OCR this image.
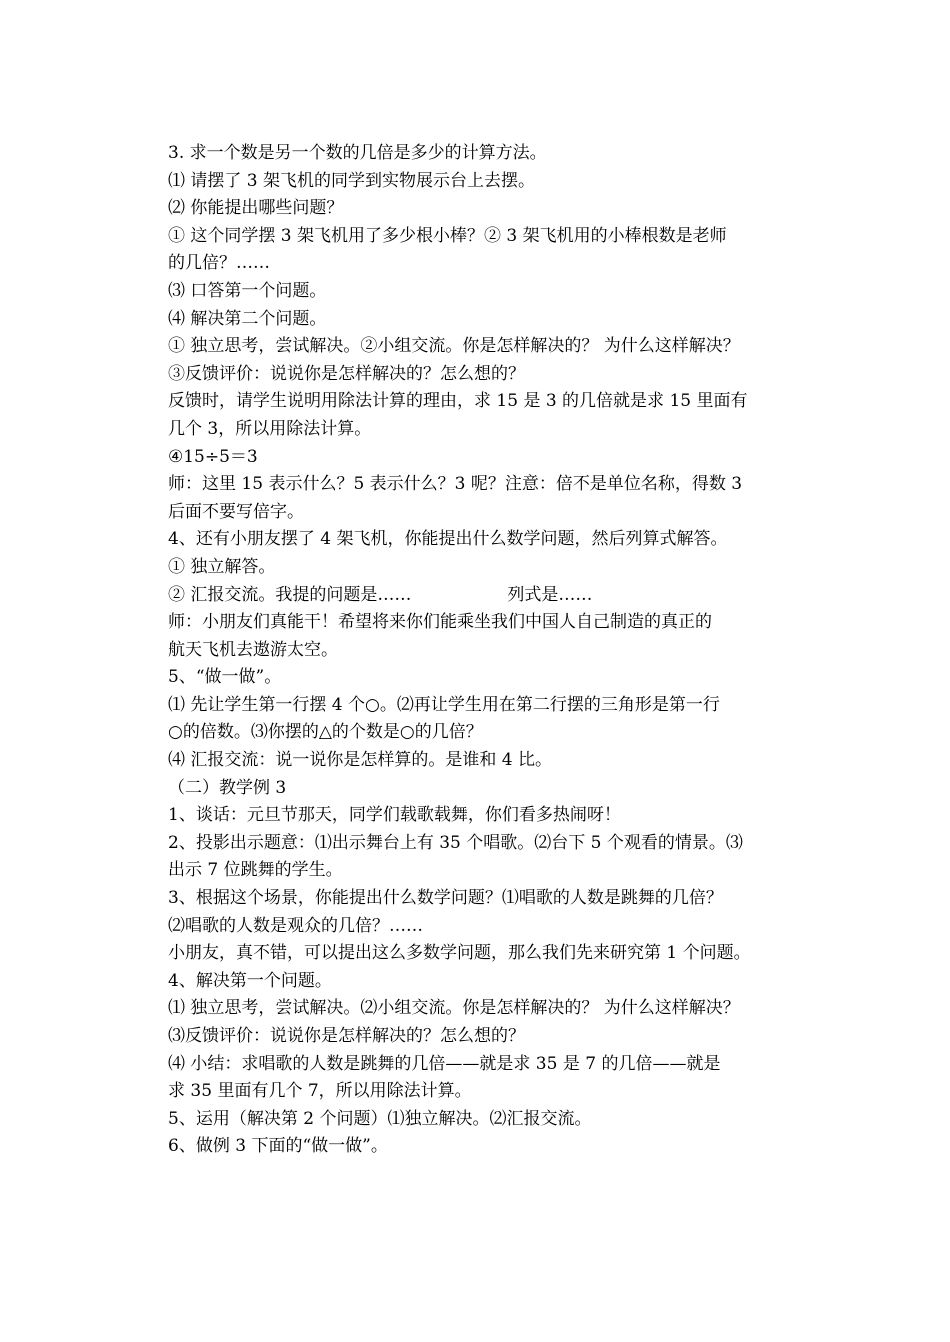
3. 求一个数是另一个数的几倍是多少的计算方法。

⑴ 请摆了 3 架飞机的同学到实物展示台上去摆。

⑵ 你能提出哪些问题？

① 这个同学摆 3 架飞机用了多少根小棒？② 3 架飞机用的小棒根数是老师

的几倍？……

⑶ 口答第一个问题。

⑷ 解决第二个问题。

① 独立思考，尝试解决。②小组交流。你是怎样解决的？ 为什么这样解决？

③反馈评价：说说你是怎样解决的？怎么想的？

反馈时，请学生说明用除法计算的理由，求 15 是 3 的几倍就是求 15 里面有

几个 3，所以用除法计算。

④15÷5＝3

师：这里 15 表示什么？5 表示什么？3 呢？注意：倍不是单位名称，得数 3

后面不要写倍字。

4、还有小朋友摆了 4 架飞机，你能提出什么数学问题，然后列算式解答。

① 独立解答。

② 汇报交流。我提的问题是……	列式是……

师：小朋友们真能干！希望将来你们能乘坐我们中国人自己制造的真正的

航天飞机去遨游太空。

5、“做一做”。

⑴ 先让学生第一行摆 4 个○。⑵再让学生用在第二行摆的三角形是第一行

○的倍数。⑶你摆的△的个数是○的几倍？

⑷ 汇报交流：说一说你是怎样算的。是谁和 4 比。

（二）教学例 3

1、谈话：元旦节那天，同学们载歌载舞，你们看多热闹呀！

2、投影出示题意：⑴出示舞台上有 35 个唱歌。⑵台下 5 个观看的情景。⑶

出示 7 位跳舞的学生。

3、根据这个场景，你能提出什么数学问题？⑴唱歌的人数是跳舞的几倍？

⑵唱歌的人数是观众的几倍？……

小朋友，真不错，可以提出这么多数学问题，那么我们先来研究第 1 个问题。

4、解决第一个问题。

⑴ 独立思考，尝试解决。⑵小组交流。你是怎样解决的？ 为什么这样解决？

⑶反馈评价：说说你是怎样解决的？怎么想的？

⑷ 小结：求唱歌的人数是跳舞的几倍——就是求 35 是 7 的几倍——就是

求 35 里面有几个 7，所以用除法计算。

5、运用（解决第 2 个问题）⑴独立解决。⑵汇报交流。

6、做例 3 下面的“做一做”。
